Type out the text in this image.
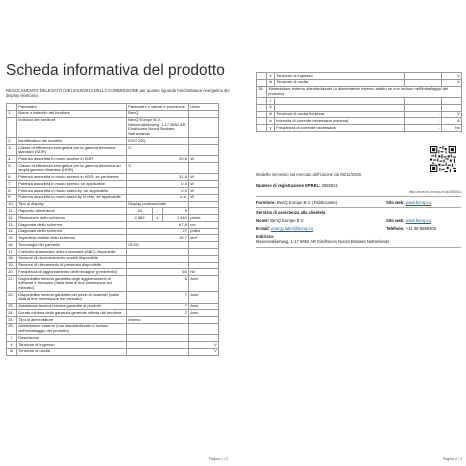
Scheda informativa del prodotto
REGOLAMENTO DELEGATO (UE) 2019/2013 DELLA COMMISSIONE per quanto riguarda l'etichettatura energetica dei display elettronici
	Parametro	Parametro o valore e precisione			Unità
1.	Nome o marchio del fornitore	BenQ			
	Indirizzo del fornitore	BenQ Europe B.V., Meerenakkerweg, 1-17 5652 AR Eindhoven Noord-Brabant Netherlands			
2.	Identificativo del modello	EX2710Q			
3.	Classe di efficienza energetica per la gamma dinamica standard (SDR)	G			
4.	Potenza assorbita in modo acceso in SDR	29,8			W
5.	Classe di efficienza energetica per la gamma dinamica ad ampia gamma dinamica (HDR)	G			
6.	Potenza assorbita in modo acceso in HDR, se pertinente	31,8			W
7.	Potenza assorbita in modo spento, se applicabile	0,3			W
8.	Potenza assorbita in modo stand-by, se applicabile	0,5			W
9.	Potenza assorbita in modo stand-by in rete, se applicabile	n.a.			W
10.	Tipo di display	Display professionale			
11.	Rapporto dimensioni	16	:	9	
12.	Risoluzione dello schermo	2 560	x	1 440	pixels
13.	Diagonale dello schermo	67,8			cm
14.	Diagonale dello schermo	27			pollici
15.	Superficie visibile dello schermo	19,7			dm²
16.	Tecnologia del pannello	OLED			
17.	Controllo automatico della luminosità (ABC) disponibile				
18.	Sensore di riconoscimento vocale disponibile				
19.	Sensore di rilevamento di presenza disponibile				
20.	Frequenza di aggiornamento dell'immagine (predefinito)	60			Hz
21.	Disponibilità minima garantita degli aggiornamenti di software e firmware (dalla data di fine immissione sul mercato)	8			Anni
22.	Disponibilità minima garantita dei pezzi di ricambio (dalla data di fine immissione sul mercato)	7			Anni
23.	Assistenza tecnica minima garantita ai prodotti	7			Anni
24.	Durata minima della garanzia generale offerta dal fornitore	2			Anni
24.	Tipo di alimentatore	Interno			
25.	Alimentatore esterno (non standardizzato e incluso nell'imballaggio del prodotto)				
i	Descrizione				
ii	Tensione di ingresso				V
iii	Tensione di uscita				V
Pagina 1 / 2
	ii	Tensione di ingresso		V
	iii	Tensione di uscita		V
26.	Alimentatore esterno standardizzato (o alimentatore esterno adatto se non incluso nell'imballaggio del prodotto)			
	i			
	ii			
	iii	Tensione di uscita richiesta	-	V
	iv	Intensità di corrente necessaria (minima)	-	A
	v	Frequenza di corrente necessaria	-	Hz
Modello immesso sul mercato dell'Unione da 08/12/2025
Numero di registrazione EPREL: 2580621
https://eprel.ec.europa.eu/qr/2580621
Fornitore: BenQ Europe B.V. (Fabbricante)	Sito web: www.benq.eu
Servizio di assistenza alla clientela
Nome: BenQ Europe B.V.	Sito web: www.benq.eu
E-mail: energy.label@benq.eu	Telefono: +31 88 8889300
Indirizzo:
Meerenakkerweg, 1-17 5652 AR Eindhoven Noord-Brabant Netherlands
Pagina 2 / 2
